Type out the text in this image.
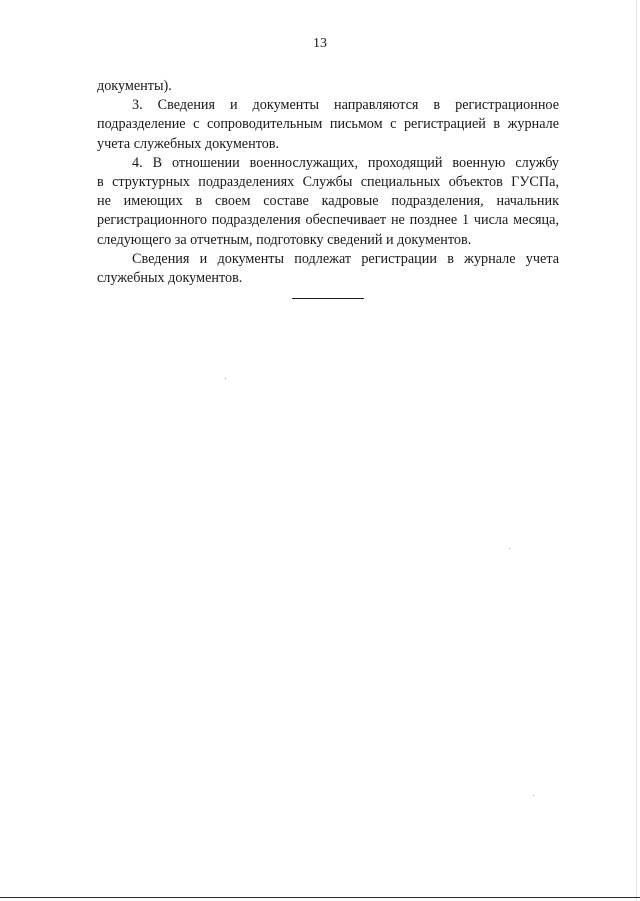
13
документы).
3. Сведения и документы направляются в регистрационное
подразделение с сопроводительным письмом с регистрацией в журнале
учета служебных документов.
4. В отношении военнослужащих, проходящий военную службу
в структурных подразделениях Службы специальных объектов ГУСПа,
не имеющих в своем составе кадровые подразделения, начальник
регистрационного подразделения обеспечивает не позднее 1 числа месяца,
следующего за отчетным, подготовку сведений и документов.
Сведения и документы подлежат регистрации в журнале учета
служебных документов.
